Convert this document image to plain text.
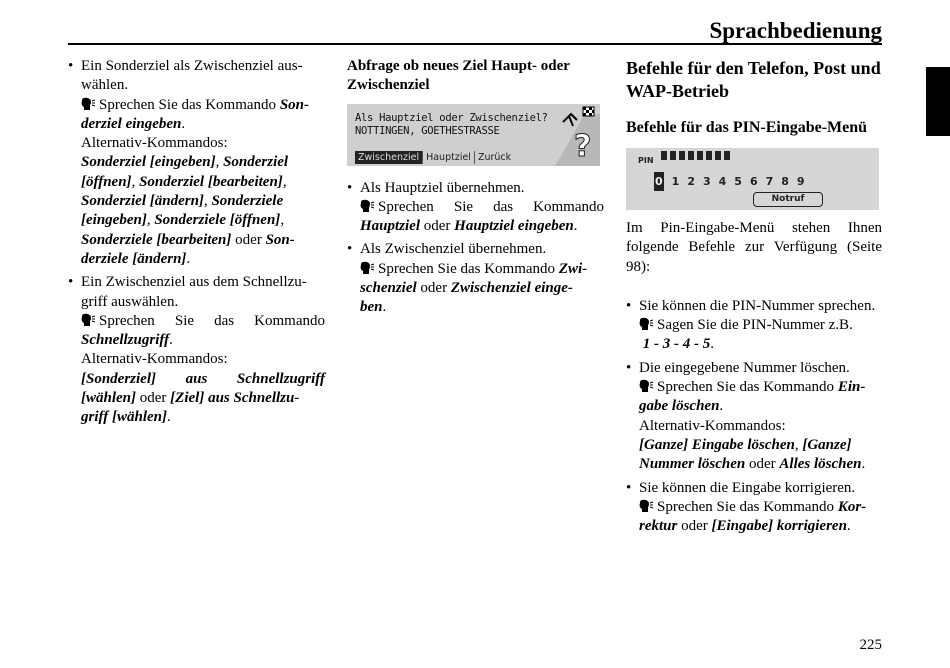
Sprachbedienung
• Ein Sonderziel als Zwischenziel aus-
wählen.
Sprechen Sie das Kommando Son-
derziel eingeben.
Alternativ-Kommandos:
Sonderziel [eingeben], Sonderziel
[öffnen], Sonderziel [bearbeiten],
Sonderziel [ändern], Sonderziele
[eingeben], Sonderziele [öffnen],
Sonderziele [bearbeiten] oder Son-
derziele [ändern].
• Ein Zwischenziel aus dem Schnellzu-
griff auswählen.
Sprechen Sie das Kommando
Schnellzugriff.
Alternativ-Kommandos:
[Sonderziel] aus Schnellzugriff
[wählen] oder [Ziel] aus Schnellzu-
griff [wählen].
Abfrage ob neues Ziel Haupt- oder Zwischenziel
Als Hauptziel oder Zwischenziel?
NOTTINGEN, GOETHESTRASSE ?
Zwischenziel Hauptziel Zurück
• Als Hauptziel übernehmen.
Sprechen Sie das Kommando
Hauptziel oder Hauptziel eingeben.
• Als Zwischenziel übernehmen.
Sprechen Sie das Kommando Zwi-
schenziel oder Zwischenziel einge-
ben.
Befehle für den Telefon, Post und WAP-Betrieb
Befehle für das PIN-Eingabe-Menü
PIN
0 1 2 3 4 5 6 7 8 9
Notruf
Im Pin-Eingabe-Menü stehen Ihnen folgende Befehle zur Verfügung (Seite 98):
• Sie können die PIN-Nummer sprechen.
Sagen Sie die PIN-Nummer z.B.
1 - 3 - 4 - 5.
• Die eingegebene Nummer löschen.
Sprechen Sie das Kommando Ein-
gabe löschen.
Alternativ-Kommandos:
[Ganze] Eingabe löschen, [Ganze]
Nummer löschen oder Alles löschen.
• Sie können die Eingabe korrigieren.
Sprechen Sie das Kommando Kor-
rektur oder [Eingabe] korrigieren.
225
